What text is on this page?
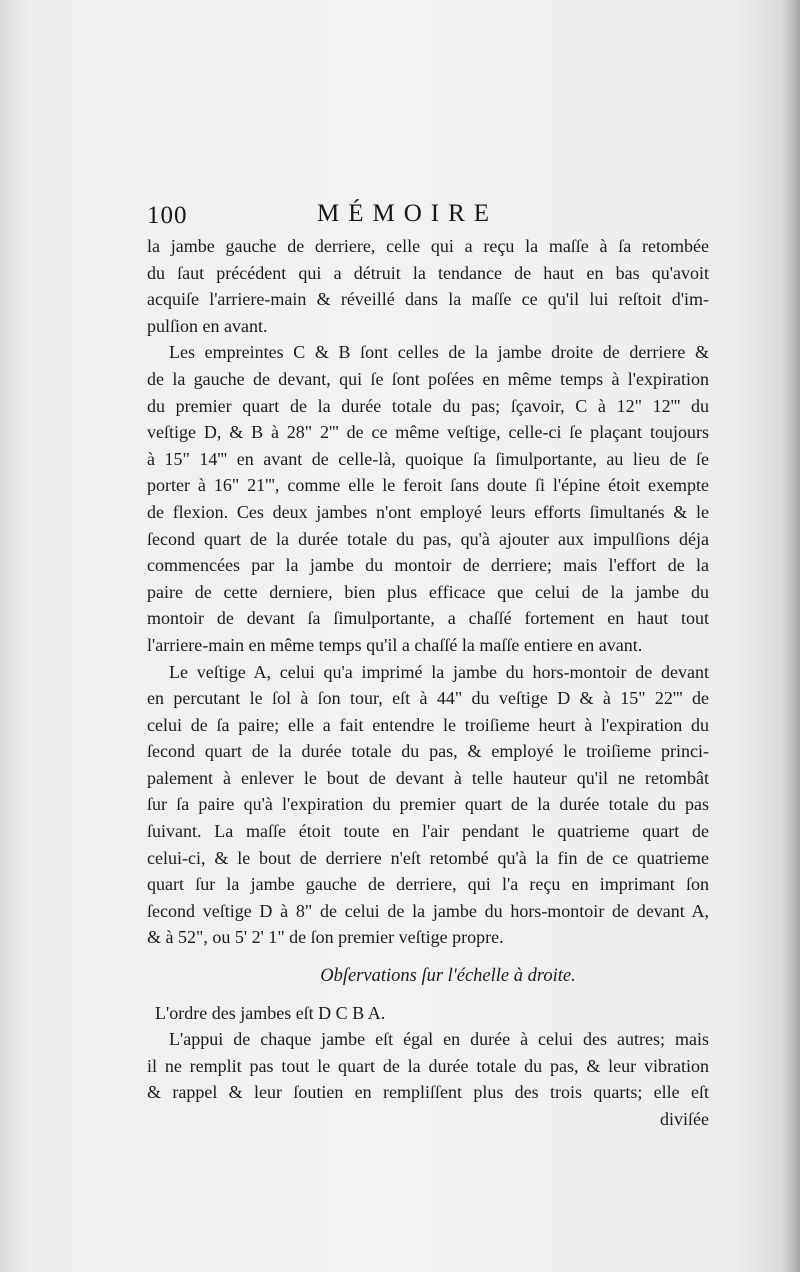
100	MÉMOIRE
la jambe gauche de derriere, celle qui a reçu la maſſe à ſa retombée
du ſaut précédent qui a détruit la tendance de haut en bas qu'avoit
acquiſe l'arriere-main & réveillé dans la maſſe ce qu'il lui reſtoit d'im-
pulſion en avant.
Les empreintes C & B ſont celles de la jambe droite de derriere &
de la gauche de devant, qui ſe ſont poſées en même temps à l'expiration
du premier quart de la durée totale du pas; ſçavoir, C à 12" 12''' du
veſtige D, & B à 28" 2''' de ce même veſtige, celle-ci ſe plaçant toujours
à 15" 14''' en avant de celle-là, quoique ſa ſimulportante, au lieu de ſe
porter à 16" 21''', comme elle le feroit ſans doute ſi l'épine étoit exempte
de flexion. Ces deux jambes n'ont employé leurs efforts ſimultanés & le
ſecond quart de la durée totale du pas, qu'à ajouter aux impulſions déja
commencées par la jambe du montoir de derriere; mais l'effort de la
paire de cette derniere, bien plus efficace que celui de la jambe du
montoir de devant ſa ſimulportante, a chaſſé fortement en haut tout
l'arriere-main en même temps qu'il a chaſſé la maſſe entiere en avant.
Le veſtige A, celui qu'a imprimé la jambe du hors-montoir de devant
en percutant le ſol à ſon tour, eſt à 44" du veſtige D & à 15" 22''' de
celui de ſa paire; elle a fait entendre le troiſieme heurt à l'expiration du
ſecond quart de la durée totale du pas, & employé le troiſieme princi-
palement à enlever le bout de devant à telle hauteur qu'il ne retombât
ſur ſa paire qu'à l'expiration du premier quart de la durée totale du pas
ſuivant. La maſſe étoit toute en l'air pendant le quatrieme quart de
celui-ci, & le bout de derriere n'eſt retombé qu'à la fin de ce quatrieme
quart ſur la jambe gauche de derriere, qui l'a reçu en imprimant ſon
ſecond veſtige D à 8" de celui de la jambe du hors-montoir de devant A,
& à 52", ou 5' 2' 1" de ſon premier veſtige propre.
Obſervations ſur l'échelle à droite.
L'ordre des jambes eſt D C B A.
L'appui de chaque jambe eſt égal en durée à celui des autres; mais
il ne remplit pas tout le quart de la durée totale du pas, & leur vibration
& rappel & leur ſoutien en rempliſſent plus des trois quarts; elle eſt
diviſée
